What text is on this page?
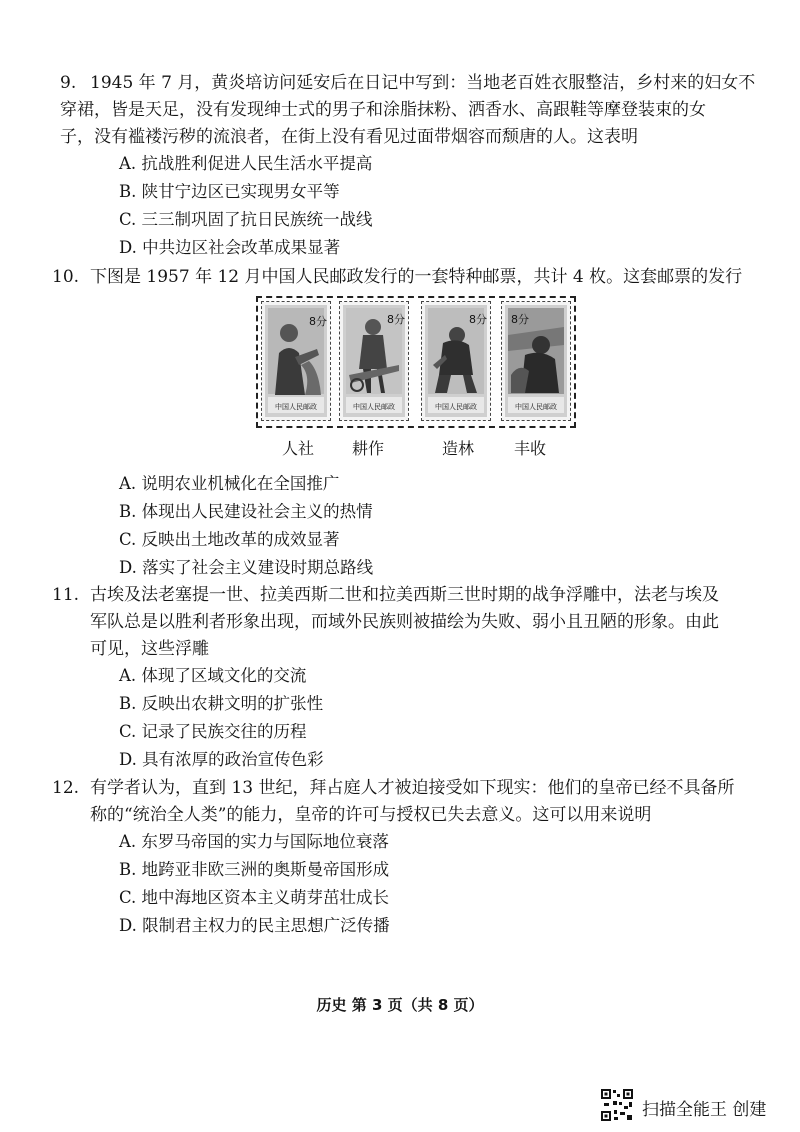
9. 1945 年 7 月，黄炎培访问延安后在日记中写到：当地老百姓衣服整洁，乡村来的妇女不
穿裙，皆是天足，没有发现绅士式的男子和涂脂抹粉、洒香水、高跟鞋等摩登装束的女
子，没有褴褛污秽的流浪者，在街上没有看见过面带烟容而颓唐的人。这表明
A. 抗战胜利促进人民生活水平提高
B. 陕甘宁边区已实现男女平等
C. 三三制巩固了抗日民族统一战线
D. 中共边区社会改革成果显著
10. 下图是 1957 年 12 月中国人民邮政发行的一套特种邮票，共计 4 枚。这套邮票的发行
8分
中国人民邮政
8分
中国人民邮政
8分
中国人民邮政
8分
中国人民邮政
人社 耕作	造林 丰收
A. 说明农业机械化在全国推广
B. 体现出人民建设社会主义的热情
C. 反映出土地改革的成效显著
D. 落实了社会主义建设时期总路线
11. 古埃及法老塞提一世、拉美西斯二世和拉美西斯三世时期的战争浮雕中，法老与埃及
军队总是以胜利者形象出现，而域外民族则被描绘为失败、弱小且丑陋的形象。由此
可见，这些浮雕
A. 体现了区域文化的交流
B. 反映出农耕文明的扩张性
C. 记录了民族交往的历程
D. 具有浓厚的政治宣传色彩
12. 有学者认为，直到 13 世纪，拜占庭人才被迫接受如下现实：他们的皇帝已经不具备所
称的“统治全人类”的能力，皇帝的许可与授权已失去意义。这可以用来说明
A. 东罗马帝国的实力与国际地位衰落
B. 地跨亚非欧三洲的奥斯曼帝国形成
C. 地中海地区资本主义萌芽茁壮成长
D. 限制君主权力的民主思想广泛传播
历史 第 3 页（共 8 页）
扫描全能王 创建
